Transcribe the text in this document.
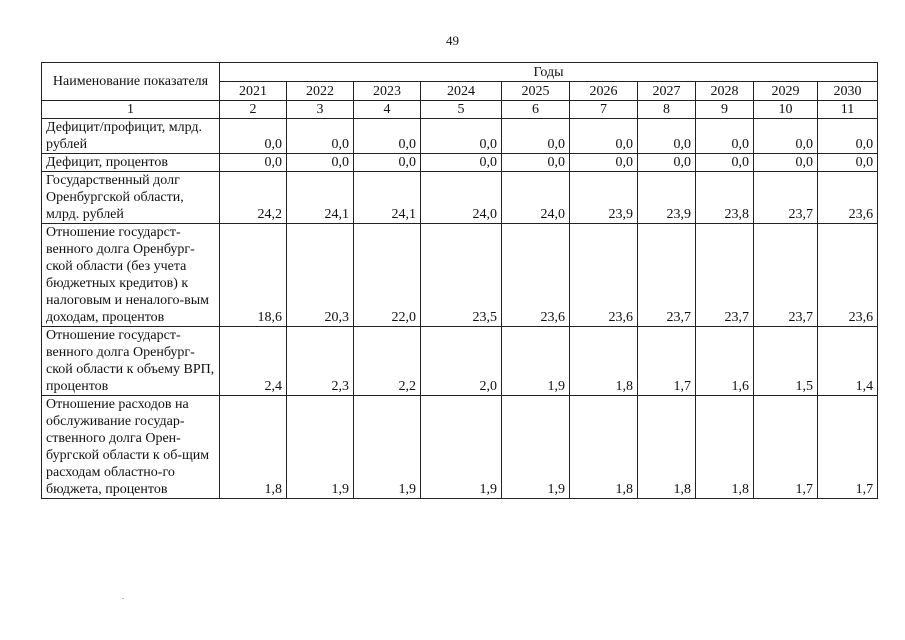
49
Наименование показателя	Годы									
	2021	2022	2023	2024	2025	2026	2027	2028	2029	2030
1	2	3	4	5	6	7	8	9	10	11
Дефицит/профицит, млрд. рублей	0,0	0,0	0,0	0,0	0,0	0,0	0,0	0,0	0,0	0,0
Дефицит, процентов	0,0	0,0	0,0	0,0	0,0	0,0	0,0	0,0	0,0	0,0
Государственный долг Оренбургской области, млрд. рублей	24,2	24,1	24,1	24,0	24,0	23,9	23,9	23,8	23,7	23,6
Отношение государст-венного долга Оренбург-ской области (без учета бюджетных кредитов) к налоговым и неналого-вым доходам, процентов	18,6	20,3	22,0	23,5	23,6	23,6	23,7	23,7	23,7	23,6
Отношение государст-венного долга Оренбург-ской области к объему ВРП, процентов	2,4	2,3	2,2	2,0	1,9	1,8	1,7	1,6	1,5	1,4
Отношение расходов на обслуживание государ-ственного долга Орен-бургской области к об-щим расходам областно-го бюджета, процентов	1,8	1,9	1,9	1,9	1,9	1,8	1,8	1,8	1,7	1,7
